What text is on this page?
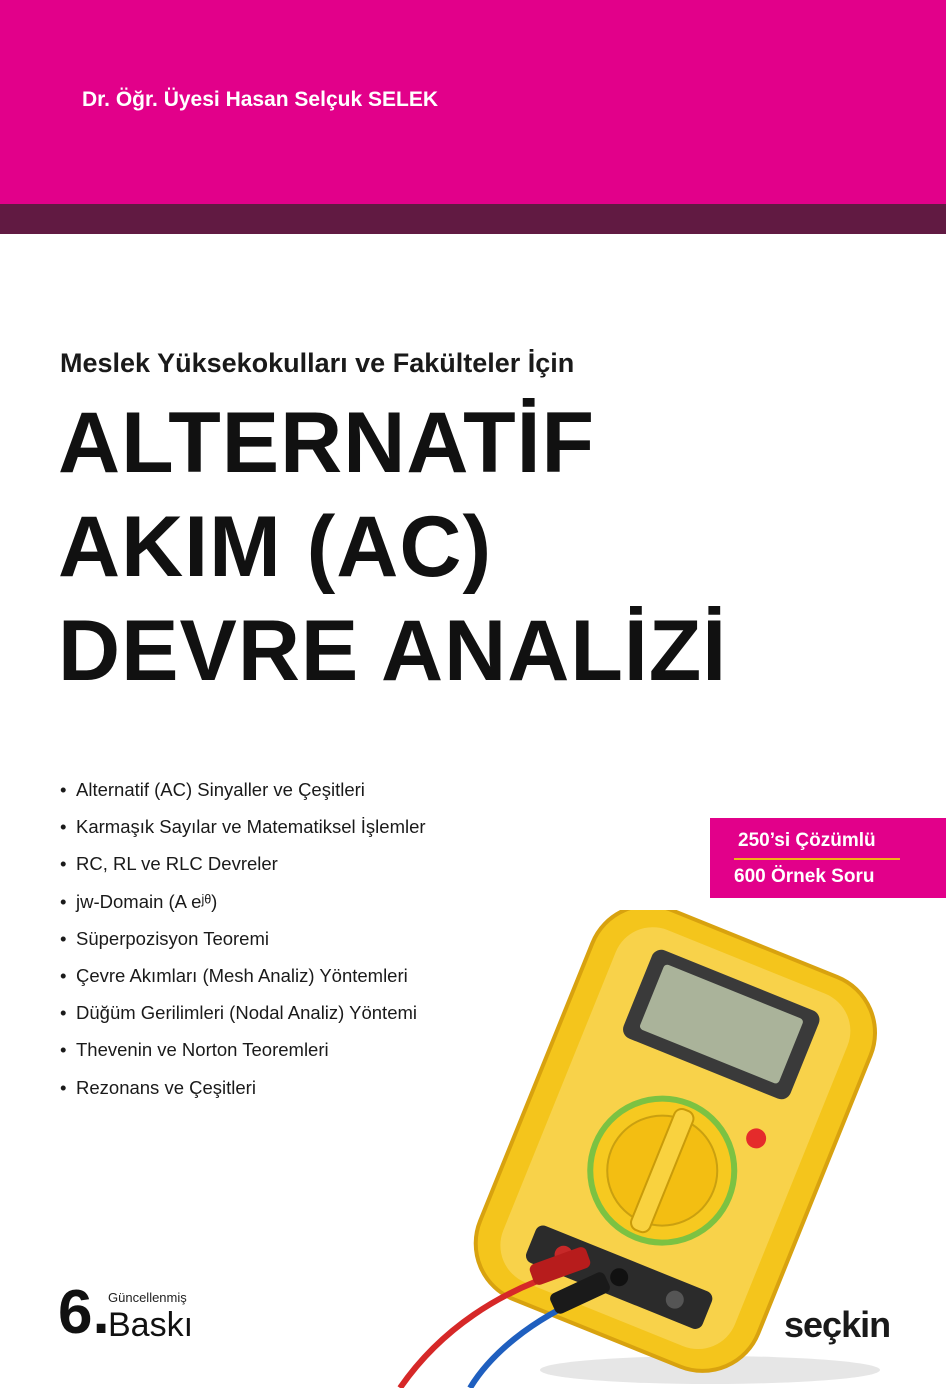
Dr. Öğr. Üyesi Hasan Selçuk SELEK
Meslek Yüksekokulları ve Fakülteler İçin
ALTERNATİF
AKIM (AC)
DEVRE ANALİZİ
• Alternatif (AC) Sinyaller ve Çeşitleri
• Karmaşık Sayılar ve Matematiksel İşlemler
• RC, RL ve RLC Devreler
• jw-Domain (A eʲᶿ)
• Süperpozisyon Teoremi
• Çevre Akımları (Mesh Analiz) Yöntemleri
• Düğüm Gerilimleri (Nodal Analiz) Yöntemi
• Thevenin ve Norton Teoremleri
• Rezonans ve Çeşitleri
250’si Çözümlü
600 Örnek Soru
6.
Güncellenmiş
Baskı	seçkin
